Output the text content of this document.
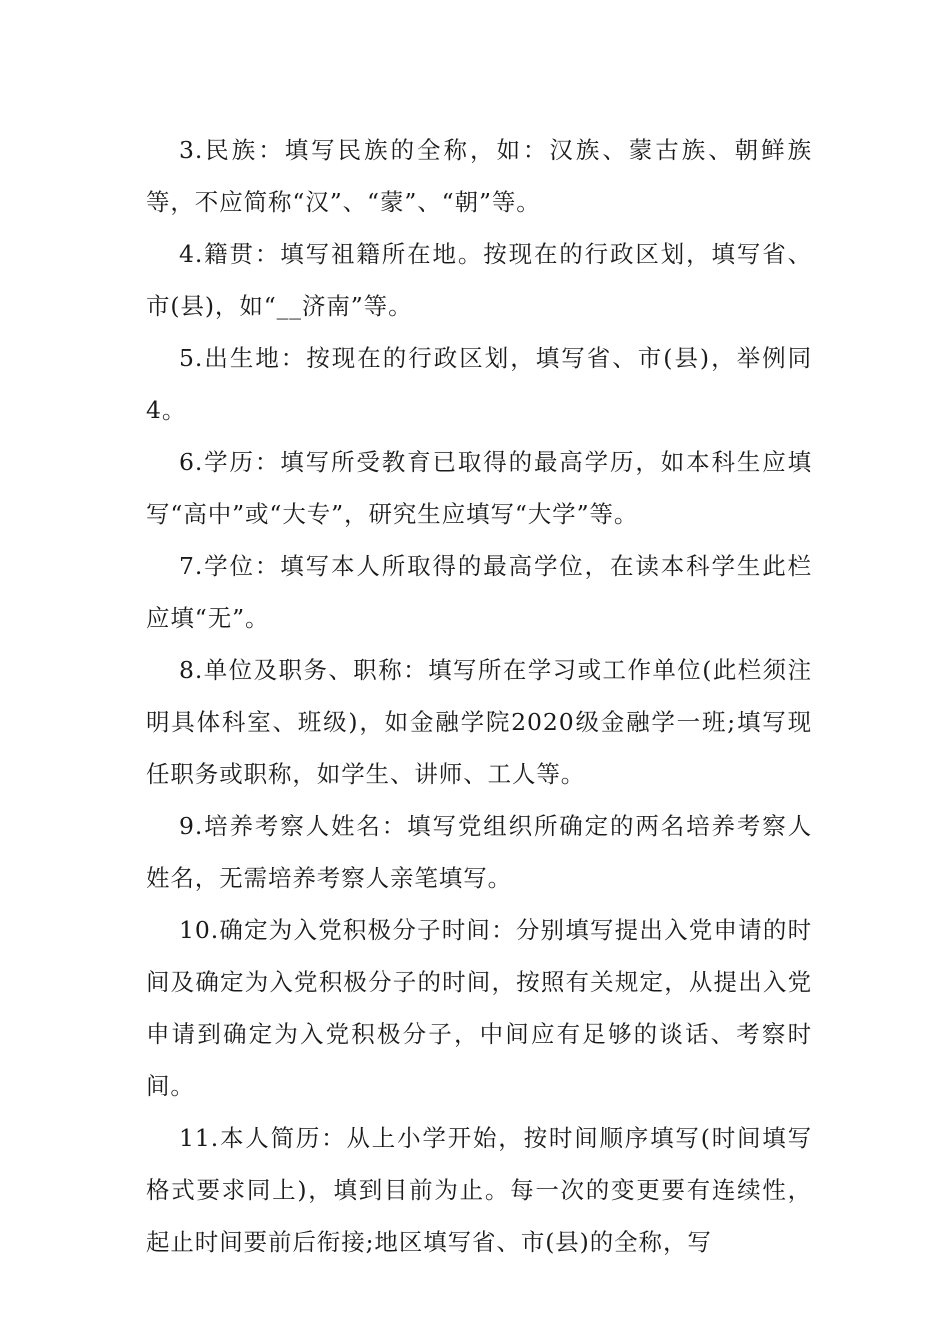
3.民族：填写民族的全称，如：汉族、蒙古族、朝鲜族等，不应简称“汉”、“蒙”、“朝”等。

4.籍贯：填写祖籍所在地。按现在的行政区划，填写省、市(县)，如“__济南”等。

5.出生地：按现在的行政区划，填写省、市(县)，举例同4。

6.学历：填写所受教育已取得的最高学历，如本科生应填写“高中”或“大专”，研究生应填写“大学”等。

7.学位：填写本人所取得的最高学位，在读本科学生此栏应填“无”。

8.单位及职务、职称：填写所在学习或工作单位(此栏须注明具体科室、班级)，如金融学院2020级金融学一班;填写现任职务或职称，如学生、讲师、工人等。

9.培养考察人姓名：填写党组织所确定的两名培养考察人姓名，无需培养考察人亲笔填写。

10.确定为入党积极分子时间：分别填写提出入党申请的时间及确定为入党积极分子的时间，按照有关规定，从提出入党申请到确定为入党积极分子，中间应有足够的谈话、考察时间。

11.本人简历：从上小学开始，按时间顺序填写(时间填写格式要求同上)，填到目前为止。每一次的变更要有连续性，起止时间要前后衔接;地区填写省、市(县)的全称，写
